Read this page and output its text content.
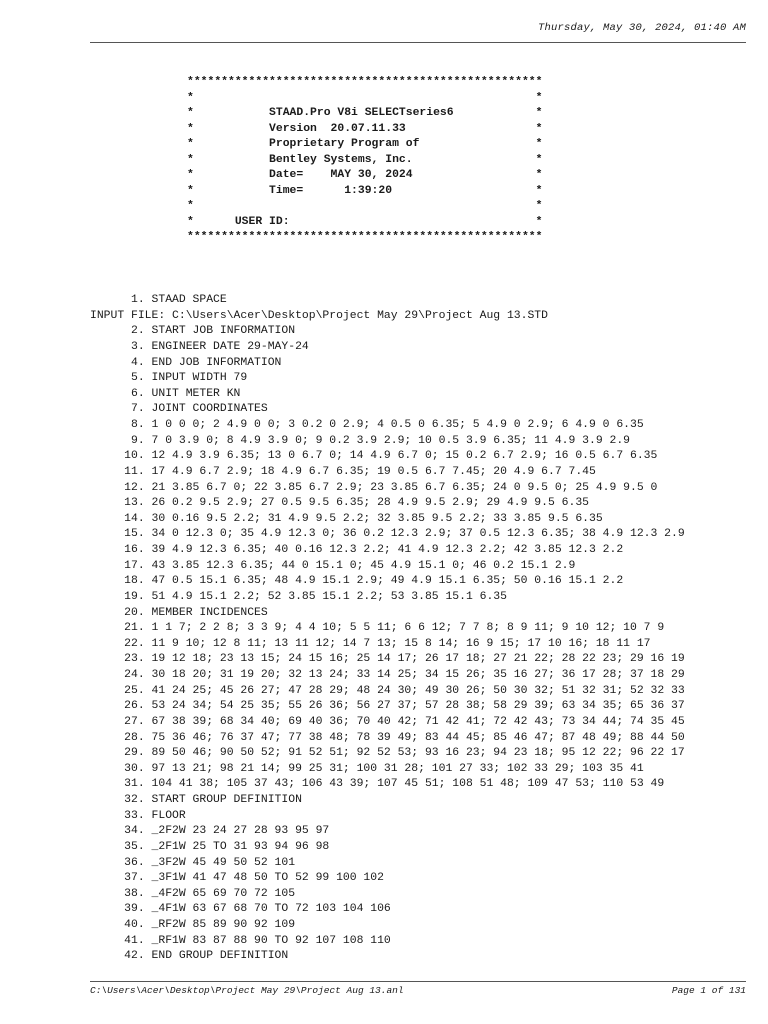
Thursday, May 30, 2024, 01:40 AM
****************************************************
*                                                  *
*           STAAD.Pro V8i SELECTseries6            *
*           Version  20.07.11.33                   *
*           Proprietary Program of                 *
*           Bentley Systems, Inc.                  *
*           Date=    MAY 30, 2024                  *
*           Time=      1:39:20                     *
*                                                  *
*      USER ID:                                    *
****************************************************
1. STAAD SPACE
INPUT FILE: C:\Users\Acer\Desktop\Project May 29\Project Aug 13.STD
2. START JOB INFORMATION
3. ENGINEER DATE 29-MAY-24
4. END JOB INFORMATION
5. INPUT WIDTH 79
6. UNIT METER KN
7. JOINT COORDINATES
8. 1 0 0 0; 2 4.9 0 0; 3 0.2 0 2.9; 4 0.5 0 6.35; 5 4.9 0 2.9; 6 4.9 0 6.35
9. 7 0 3.9 0; 8 4.9 3.9 0; 9 0.2 3.9 2.9; 10 0.5 3.9 6.35; 11 4.9 3.9 2.9
10. 12 4.9 3.9 6.35; 13 0 6.7 0; 14 4.9 6.7 0; 15 0.2 6.7 2.9; 16 0.5 6.7 6.35
11. 17 4.9 6.7 2.9; 18 4.9 6.7 6.35; 19 0.5 6.7 7.45; 20 4.9 6.7 7.45
12. 21 3.85 6.7 0; 22 3.85 6.7 2.9; 23 3.85 6.7 6.35; 24 0 9.5 0; 25 4.9 9.5 0
13. 26 0.2 9.5 2.9; 27 0.5 9.5 6.35; 28 4.9 9.5 2.9; 29 4.9 9.5 6.35
14. 30 0.16 9.5 2.2; 31 4.9 9.5 2.2; 32 3.85 9.5 2.2; 33 3.85 9.5 6.35
15. 34 0 12.3 0; 35 4.9 12.3 0; 36 0.2 12.3 2.9; 37 0.5 12.3 6.35; 38 4.9 12.3 2.9
16. 39 4.9 12.3 6.35; 40 0.16 12.3 2.2; 41 4.9 12.3 2.2; 42 3.85 12.3 2.2
17. 43 3.85 12.3 6.35; 44 0 15.1 0; 45 4.9 15.1 0; 46 0.2 15.1 2.9
18. 47 0.5 15.1 6.35; 48 4.9 15.1 2.9; 49 4.9 15.1 6.35; 50 0.16 15.1 2.2
19. 51 4.9 15.1 2.2; 52 3.85 15.1 2.2; 53 3.85 15.1 6.35
20. MEMBER INCIDENCES
21. 1 1 7; 2 2 8; 3 3 9; 4 4 10; 5 5 11; 6 6 12; 7 7 8; 8 9 11; 9 10 12; 10 7 9
22. 11 9 10; 12 8 11; 13 11 12; 14 7 13; 15 8 14; 16 9 15; 17 10 16; 18 11 17
23. 19 12 18; 23 13 15; 24 15 16; 25 14 17; 26 17 18; 27 21 22; 28 22 23; 29 16 19
24. 30 18 20; 31 19 20; 32 13 24; 33 14 25; 34 15 26; 35 16 27; 36 17 28; 37 18 29
25. 41 24 25; 45 26 27; 47 28 29; 48 24 30; 49 30 26; 50 30 32; 51 32 31; 52 32 33
26. 53 24 34; 54 25 35; 55 26 36; 56 27 37; 57 28 38; 58 29 39; 63 34 35; 65 36 37
27. 67 38 39; 68 34 40; 69 40 36; 70 40 42; 71 42 41; 72 42 43; 73 34 44; 74 35 45
28. 75 36 46; 76 37 47; 77 38 48; 78 39 49; 83 44 45; 85 46 47; 87 48 49; 88 44 50
29. 89 50 46; 90 50 52; 91 52 51; 92 52 53; 93 16 23; 94 23 18; 95 12 22; 96 22 17
30. 97 13 21; 98 21 14; 99 25 31; 100 31 28; 101 27 33; 102 33 29; 103 35 41
31. 104 41 38; 105 37 43; 106 43 39; 107 45 51; 108 51 48; 109 47 53; 110 53 49
32. START GROUP DEFINITION
33. FLOOR
34. _2F2W 23 24 27 28 93 95 97
35. _2F1W 25 TO 31 93 94 96 98
36. _3F2W 45 49 50 52 101
37. _3F1W 41 47 48 50 TO 52 99 100 102
38. _4F2W 65 69 70 72 105
39. _4F1W 63 67 68 70 TO 72 103 104 106
40. _RF2W 85 89 90 92 109
41. _RF1W 83 87 88 90 TO 92 107 108 110
42. END GROUP DEFINITION
C:\Users\Acer\Desktop\Project May 29\Project Aug 13.anl	Page 1 of 131
